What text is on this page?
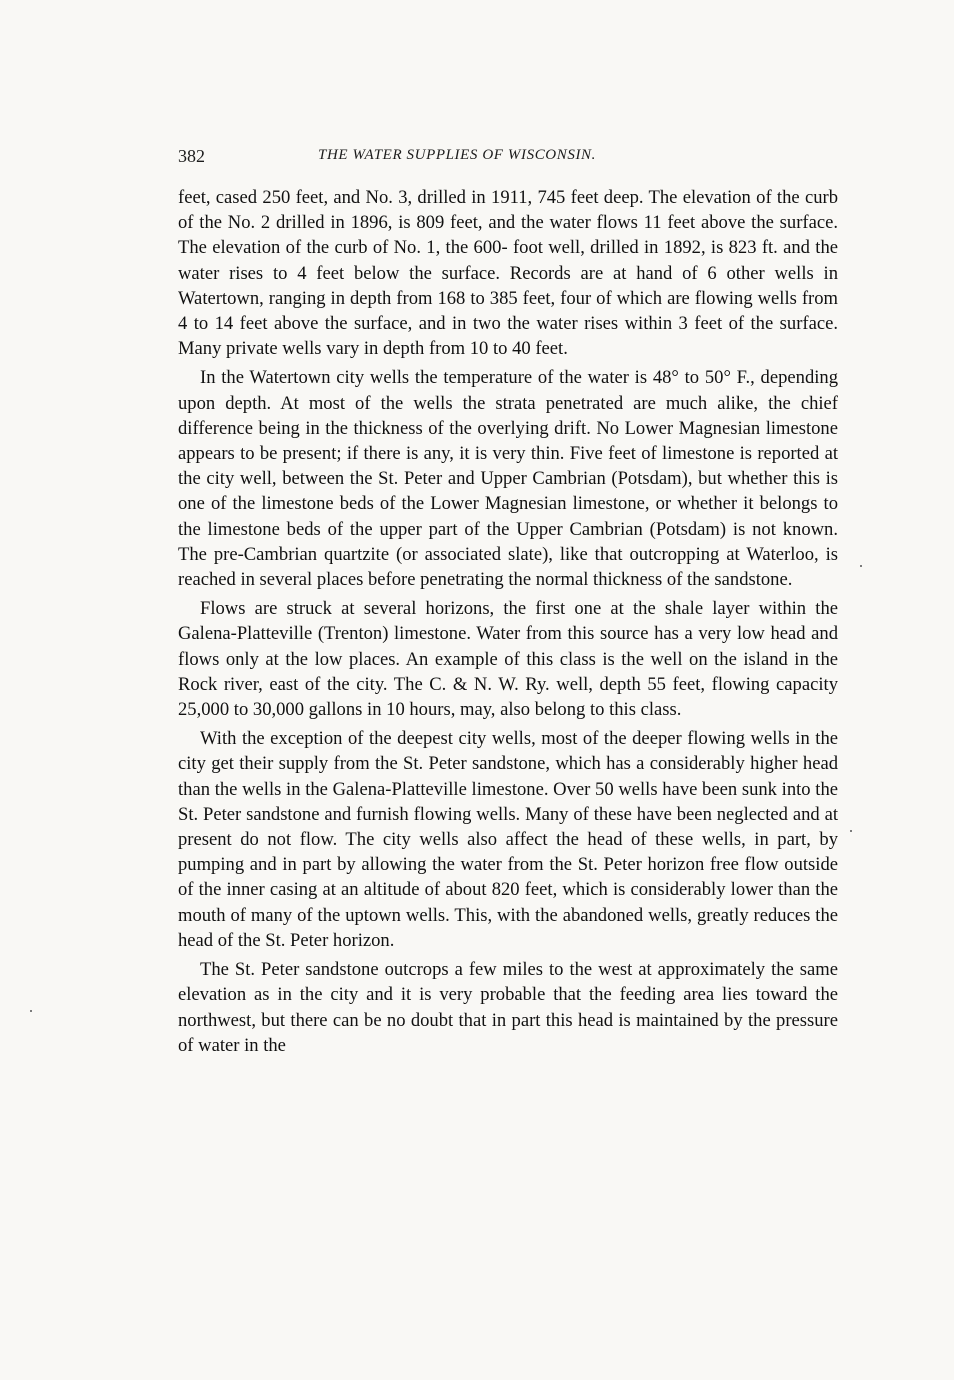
382	THE WATER SUPPLIES OF WISCONSIN.

feet, cased 250 feet, and No. 3, drilled in 1911, 745 feet deep. The elevation of the curb of the No. 2 drilled in 1896, is 809 feet, and the water flows 11 feet above the surface. The elevation of the curb of No. 1, the 600- foot well, drilled in 1892, is 823 ft. and the water rises to 4 feet below the surface. Records are at hand of 6 other wells in Watertown, ranging in depth from 168 to 385 feet, four of which are flowing wells from 4 to 14 feet above the surface, and in two the water rises within 3 feet of the surface. Many private wells vary in depth from 10 to 40 feet.

In the Watertown city wells the temperature of the water is 48° to 50° F., depending upon depth. At most of the wells the strata penetrated are much alike, the chief difference being in the thickness of the overlying drift. No Lower Magnesian limestone appears to be present; if there is any, it is very thin. Five feet of limestone is reported at the city well, between the St. Peter and Upper Cambrian (Potsdam), but whether this is one of the limestone beds of the Lower Magnesian limestone, or whether it belongs to the limestone beds of the upper part of the Upper Cambrian (Potsdam) is not known. The pre-Cambrian quartzite (or associated slate), like that outcropping at Waterloo, is reached in several places before penetrating the normal thickness of the sandstone.

Flows are struck at several horizons, the first one at the shale layer within the Galena-Platteville (Trenton) limestone. Water from this source has a very low head and flows only at the low places. An example of this class is the well on the island in the Rock river, east of the city. The C. & N. W. Ry. well, depth 55 feet, flowing capacity 25,000 to 30,000 gallons in 10 hours, may, also belong to this class.

With the exception of the deepest city wells, most of the deeper flowing wells in the city get their supply from the St. Peter sandstone, which has a considerably higher head than the wells in the Galena-Platteville limestone. Over 50 wells have been sunk into the St. Peter sandstone and furnish flowing wells. Many of these have been neglected and at present do not flow. The city wells also affect the head of these wells, in part, by pumping and in part by allowing the water from the St. Peter horizon free flow outside of the inner casing at an altitude of about 820 feet, which is considerably lower than the mouth of many of the uptown wells. This, with the abandoned wells, greatly reduces the head of the St. Peter horizon.

The St. Peter sandstone outcrops a few miles to the west at approximately the same elevation as in the city and it is very probable that the feeding area lies toward the northwest, but there can be no doubt that in part this head is maintained by the pressure of water in the
